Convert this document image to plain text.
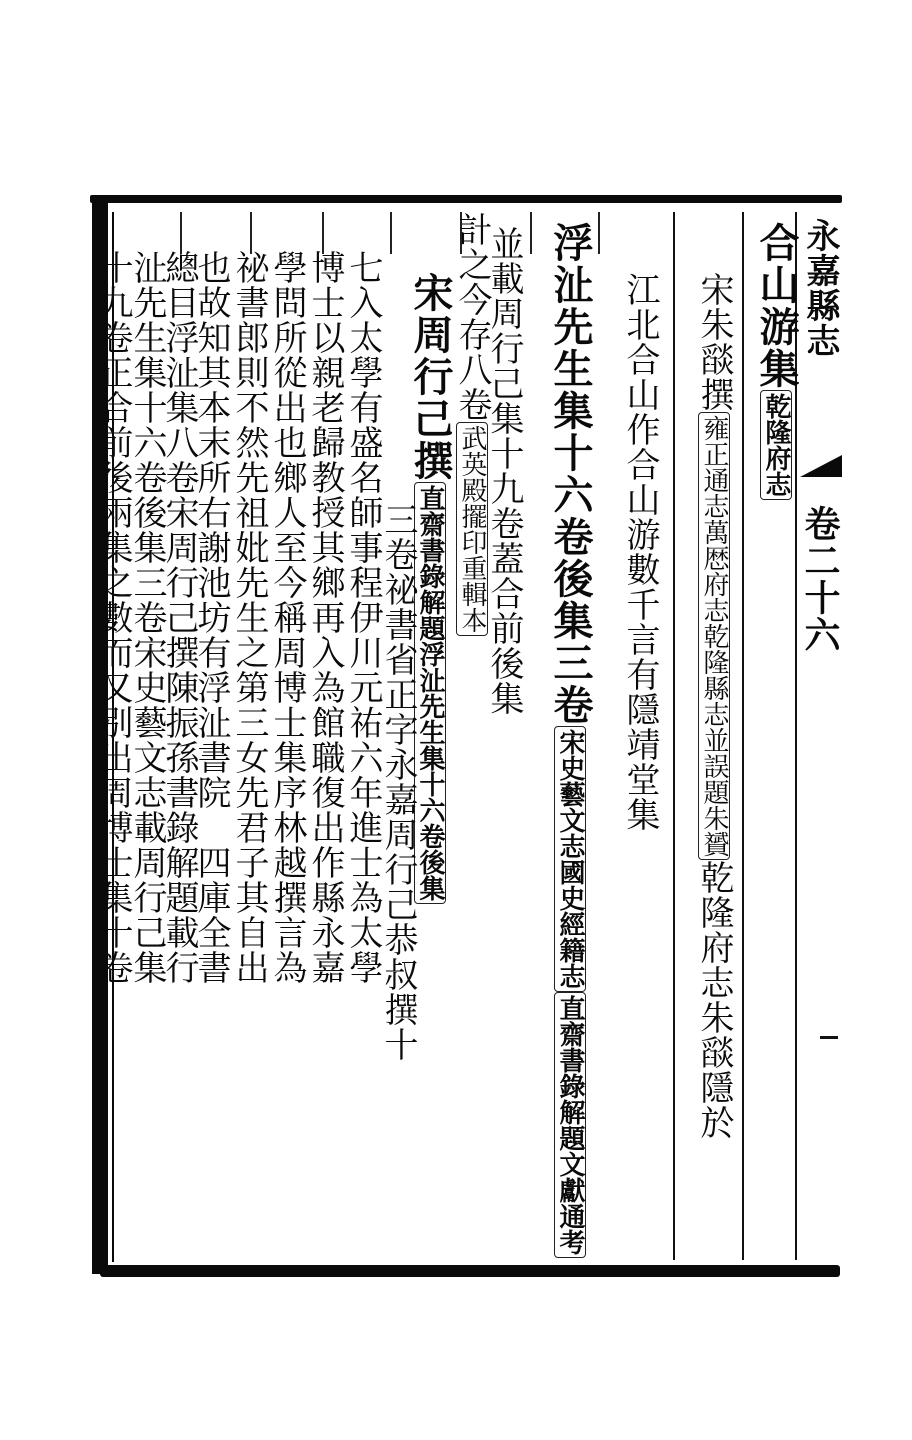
永嘉縣志
卷二十六
合山游集乾隆府志
宋朱𦦨撰雍正通志萬厯府志乾隆縣志並誤題朱贇乾隆府志朱𦦨隱於
江北合山作合山游數千言有隱靖堂集
浮沚先生集十六卷後集三卷宋史藝文志國史經籍志直齋書錄解題文獻通考
並載周行己集十九卷蓋合前後集
計之今存八卷武英殿擺印重輯本
宋周行己撰直齋書錄解題浮沚先生集十六卷後集
三卷祕書省正字永嘉周行己恭叔撰十
七入太學有盛名師事程伊川元祐六年進士為太學
博士以親老歸教授其鄉再入為館職復出作縣永嘉
學問所從出也鄉人至今稱周博士集序林越撰言為
祕書郎則不然先祖妣先生之第三女先君子其自出
也故知其本末所右謝池坊有浮沚書院　四庫全書
總目浮沚集八卷宋周行己撰陳振孫書錄解題載行
沚先生集十六卷後集三卷宋史藝文志載周行己集
十九卷正合前後兩集之數而又別出周博士集十卷
